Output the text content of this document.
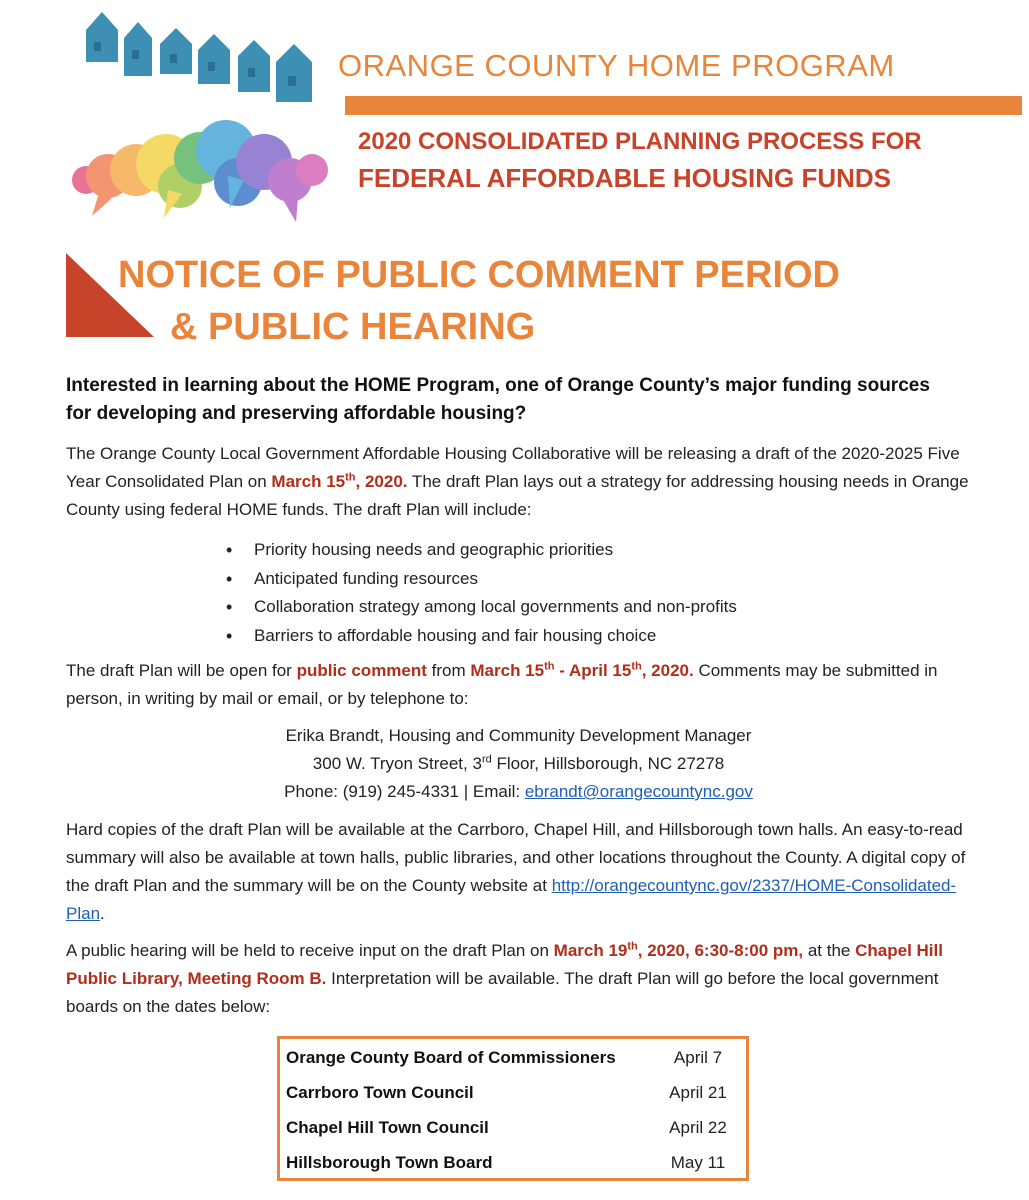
ORANGE COUNTY HOME PROGRAM
2020 CONSOLIDATED PLANNING PROCESS FOR
FEDERAL AFFORDABLE HOUSING FUNDS
NOTICE OF PUBLIC COMMENT PERIOD
& PUBLIC HEARING
Interested in learning about the HOME Program, one of Orange County’s major funding sources for developing and preserving affordable housing?
The Orange County Local Government Affordable Housing Collaborative will be releasing a draft of the 2020-2025 Five Year Consolidated Plan on March 15th, 2020. The draft Plan lays out a strategy for addressing housing needs in Orange County using federal HOME funds. The draft Plan will include:
• Priority housing needs and geographic priorities
• Anticipated funding resources
• Collaboration strategy among local governments and non-profits
• Barriers to affordable housing and fair housing choice
The draft Plan will be open for public comment from March 15th - April 15th, 2020. Comments may be submitted in person, in writing by mail or email, or by telephone to:
Erika Brandt, Housing and Community Development Manager
300 W. Tryon Street, 3rd Floor, Hillsborough, NC 27278
Phone: (919) 245-4331 | Email: ebrandt@orangecountync.gov
Hard copies of the draft Plan will be available at the Carrboro, Chapel Hill, and Hillsborough town halls. An easy-to-read summary will also be available at town halls, public libraries, and other locations throughout the County. A digital copy of the draft Plan and the summary will be on the County website at http://orangecountync.gov/2337/HOME-Consolidated-Plan.
A public hearing will be held to receive input on the draft Plan on March 19th, 2020, 6:30-8:00 pm, at the Chapel Hill Public Library, Meeting Room B. Interpretation will be available. The draft Plan will go before the local government boards on the dates below:
Orange County Board of Commissioners	April 7
Carrboro Town Council	April 21
Chapel Hill Town Council	April 22
Hillsborough Town Board	May 11
